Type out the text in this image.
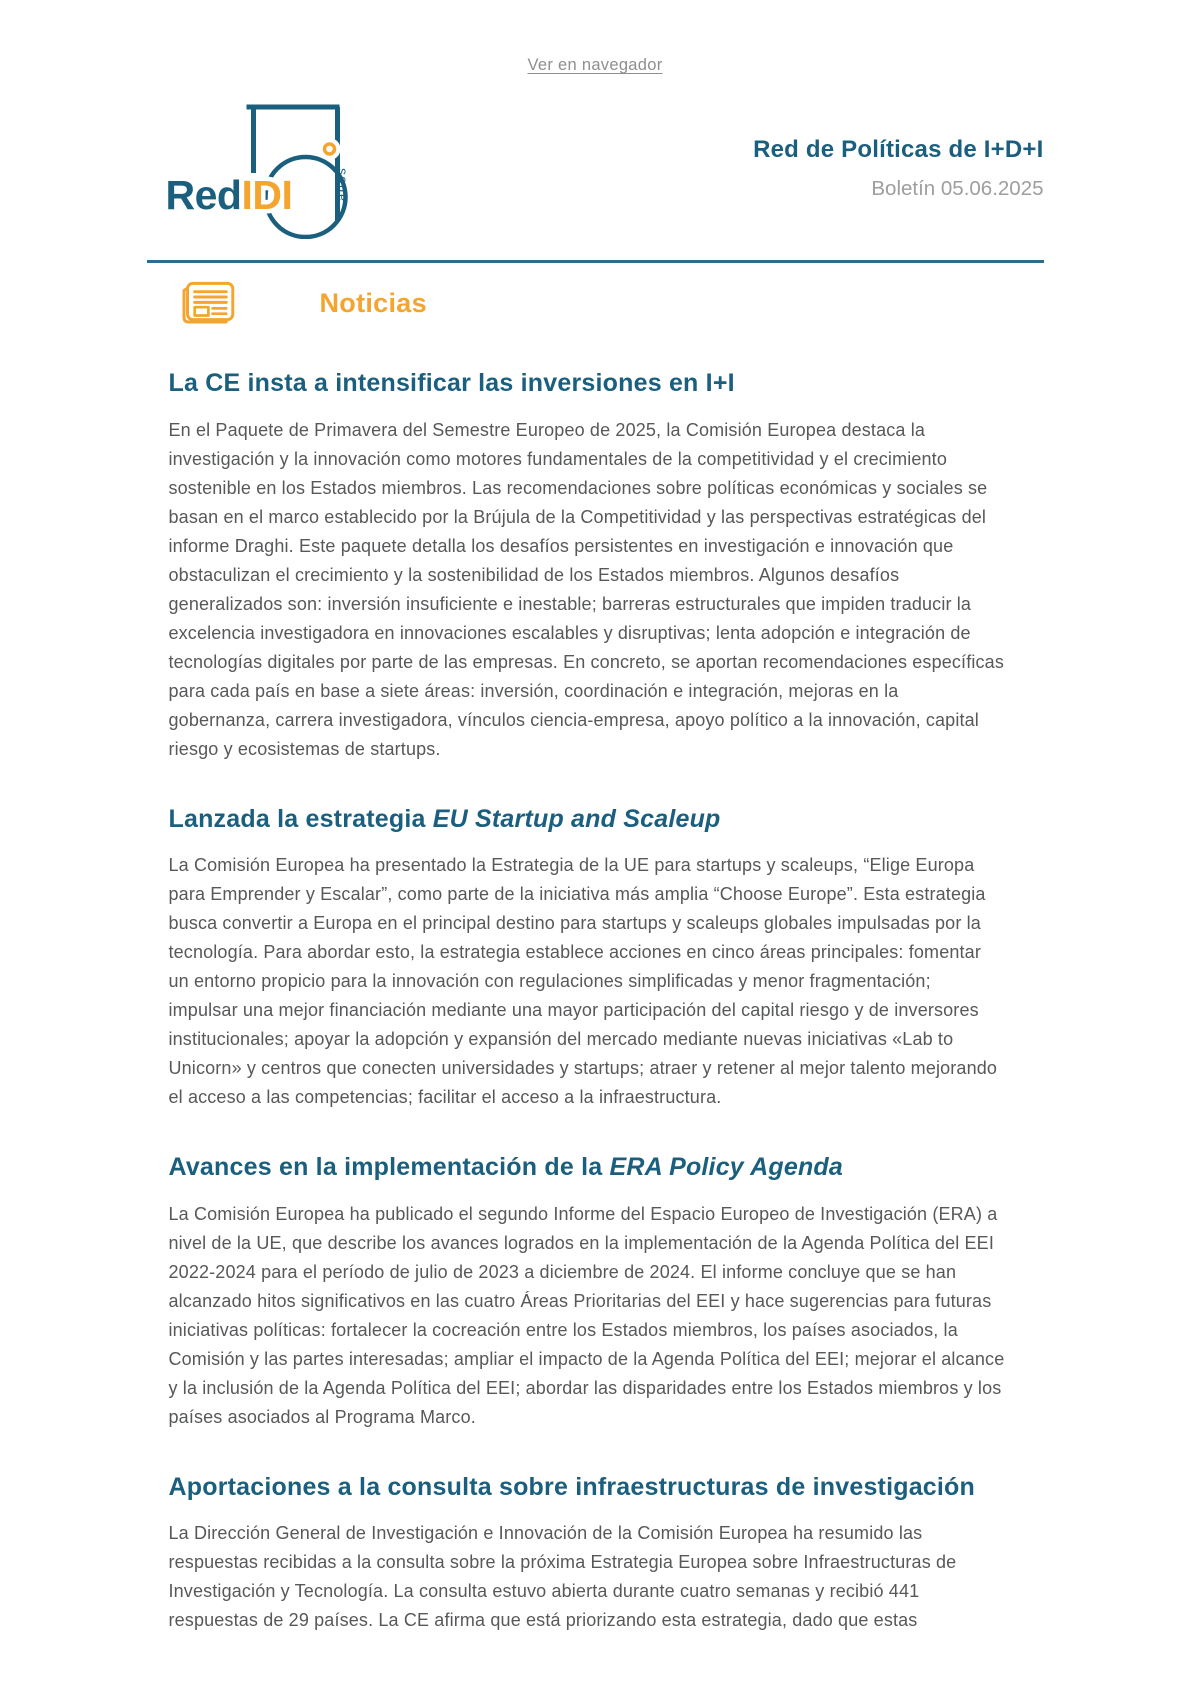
Ver en navegador
años
RedIDI
Red de Políticas de I+D+I
Boletín 05.06.2025
Noticias
La CE insta a intensificar las inversiones en I+I

En el Paquete de Primavera del Semestre Europeo de 2025, la Comisión Europea destaca la investigación y la innovación como motores fundamentales de la competitividad y el crecimiento sostenible en los Estados miembros. Las recomendaciones sobre políticas económicas y sociales se basan en el marco establecido por la Brújula de la Competitividad y las perspectivas estratégicas del informe Draghi. Este paquete detalla los desafíos persistentes en investigación e innovación que obstaculizan el crecimiento y la sostenibilidad de los Estados miembros. Algunos desafíos generalizados son: inversión insuficiente e inestable; barreras estructurales que impiden traducir la excelencia investigadora en innovaciones escalables y disruptivas; lenta adopción e integración de tecnologías digitales por parte de las empresas. En concreto, se aportan recomendaciones específicas para cada país en base a siete áreas: inversión, coordinación e integración, mejoras en la gobernanza, carrera investigadora, vínculos ciencia-empresa, apoyo político a la innovación, capital riesgo y ecosistemas de startups.

Lanzada la estrategia EU Startup and Scaleup

La Comisión Europea ha presentado la Estrategia de la UE para startups y scaleups, “Elige Europa para Emprender y Escalar”, como parte de la iniciativa más amplia “Choose Europe”. Esta estrategia busca convertir a Europa en el principal destino para startups y scaleups globales impulsadas por la tecnología. Para abordar esto, la estrategia establece acciones en cinco áreas principales: fomentar un entorno propicio para la innovación con regulaciones simplificadas y menor fragmentación; impulsar una mejor financiación mediante una mayor participación del capital riesgo y de inversores institucionales; apoyar la adopción y expansión del mercado mediante nuevas iniciativas «Lab to Unicorn» y centros que conecten universidades y startups; atraer y retener al mejor talento mejorando el acceso a las competencias; facilitar el acceso a la infraestructura.

Avances en la implementación de la ERA Policy Agenda

La Comisión Europea ha publicado el segundo Informe del Espacio Europeo de Investigación (ERA) a nivel de la UE, que describe los avances logrados en la implementación de la Agenda Política del EEI 2022-2024 para el período de julio de 2023 a diciembre de 2024. El informe concluye que se han alcanzado hitos significativos en las cuatro Áreas Prioritarias del EEI y hace sugerencias para futuras iniciativas políticas: fortalecer la cocreación entre los Estados miembros, los países asociados, la Comisión y las partes interesadas; ampliar el impacto de la Agenda Política del EEI; mejorar el alcance y la inclusión de la Agenda Política del EEI; abordar las disparidades entre los Estados miembros y los países asociados al Programa Marco.

Aportaciones a la consulta sobre infraestructuras de investigación

La Dirección General de Investigación e Innovación de la Comisión Europea ha resumido las respuestas recibidas a la consulta sobre la próxima Estrategia Europea sobre Infraestructuras de Investigación y Tecnología. La consulta estuvo abierta durante cuatro semanas y recibió 441 respuestas de 29 países. La CE afirma que está priorizando esta estrategia, dado que estas
